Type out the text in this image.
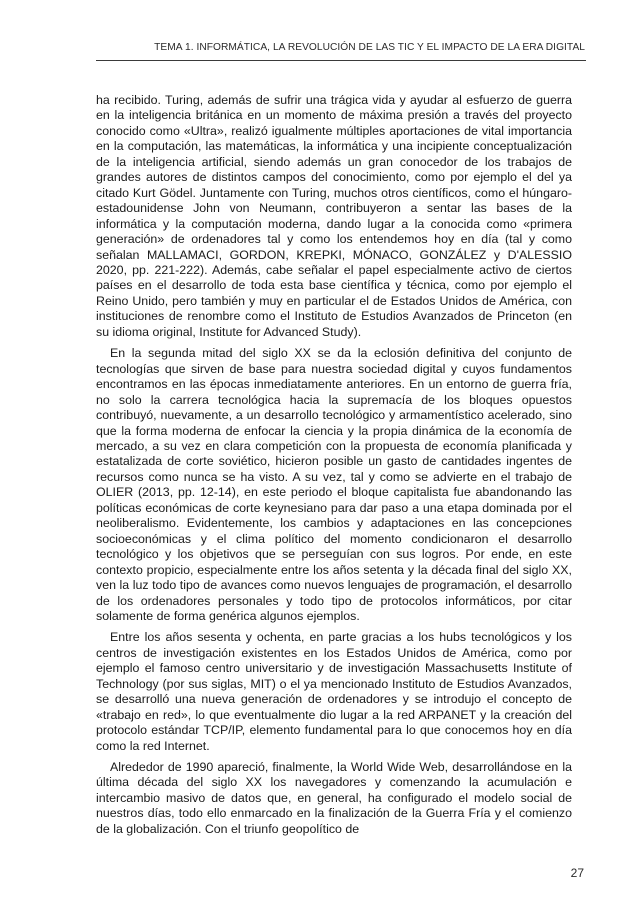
TEMA 1. INFORMÁTICA, LA REVOLUCIÓN DE LAS TIC Y EL IMPACTO DE LA ERA DIGITAL

ha recibido. Turing, además de sufrir una trágica vida y ayudar al esfuerzo de guerra en la inteligencia británica en un momento de máxima presión a través del proyecto conocido como «Ultra», realizó igualmente múltiples aportaciones de vital importancia en la computación, las matemáticas, la informática y una incipiente conceptualización de la inteligencia artificial, siendo además un gran conocedor de los trabajos de grandes autores de distintos campos del conocimiento, como por ejemplo el del ya citado Kurt Gödel. Juntamente con Turing, muchos otros científicos, como el húngaro-estadounidense John von Neumann, contribuyeron a sentar las bases de la informática y la computación moderna, dando lugar a la conocida como «primera generación» de ordenadores tal y como los entendemos hoy en día (tal y como señalan MALLAMACI, GORDON, KREPKI, MÓNACO, GONZÁLEZ y D'ALESSIO 2020, pp. 221-222). Además, cabe señalar el papel especialmente activo de ciertos países en el desarrollo de toda esta base científica y técnica, como por ejemplo el Reino Unido, pero también y muy en particular el de Estados Unidos de América, con instituciones de renombre como el Instituto de Estudios Avanzados de Princeton (en su idioma original, Institute for Advanced Study).

En la segunda mitad del siglo XX se da la eclosión definitiva del conjunto de tecnologías que sirven de base para nuestra sociedad digital y cuyos fundamentos encontramos en las épocas inmediatamente anteriores. En un entorno de guerra fría, no solo la carrera tecnológica hacia la supremacía de los bloques opuestos contribuyó, nuevamente, a un desarrollo tecnológico y armamentístico acelerado, sino que la forma moderna de enfocar la ciencia y la propia dinámica de la economía de mercado, a su vez en clara competición con la propuesta de economía planificada y estatalizada de corte soviético, hicieron posible un gasto de cantidades ingentes de recursos como nunca se ha visto. A su vez, tal y como se advierte en el trabajo de OLIER (2013, pp. 12-14), en este periodo el bloque capitalista fue abandonando las políticas económicas de corte keynesiano para dar paso a una etapa dominada por el neoliberalismo. Evidentemente, los cambios y adaptaciones en las concepciones socioeconómicas y el clima político del momento condicionaron el desarrollo tecnológico y los objetivos que se perseguían con sus logros. Por ende, en este contexto propicio, especialmente entre los años setenta y la década final del siglo XX, ven la luz todo tipo de avances como nuevos lenguajes de programación, el desarrollo de los ordenadores personales y todo tipo de protocolos informáticos, por citar solamente de forma genérica algunos ejemplos.

Entre los años sesenta y ochenta, en parte gracias a los hubs tecnológicos y los centros de investigación existentes en los Estados Unidos de América, como por ejemplo el famoso centro universitario y de investigación Massachusetts Institute of Technology (por sus siglas, MIT) o el ya mencionado Instituto de Estudios Avanzados, se desarrolló una nueva generación de ordenadores y se introdujo el concepto de «trabajo en red», lo que eventualmente dio lugar a la red ARPANET y la creación del protocolo estándar TCP/IP, elemento fundamental para lo que conocemos hoy en día como la red Internet.

Alrededor de 1990 apareció, finalmente, la World Wide Web, desarrollándose en la última década del siglo XX los navegadores y comenzando la acumulación e intercambio masivo de datos que, en general, ha configurado el modelo social de nuestros días, todo ello enmarcado en la finalización de la Guerra Fría y el comienzo de la globalización. Con el triunfo geopolítico de

27
